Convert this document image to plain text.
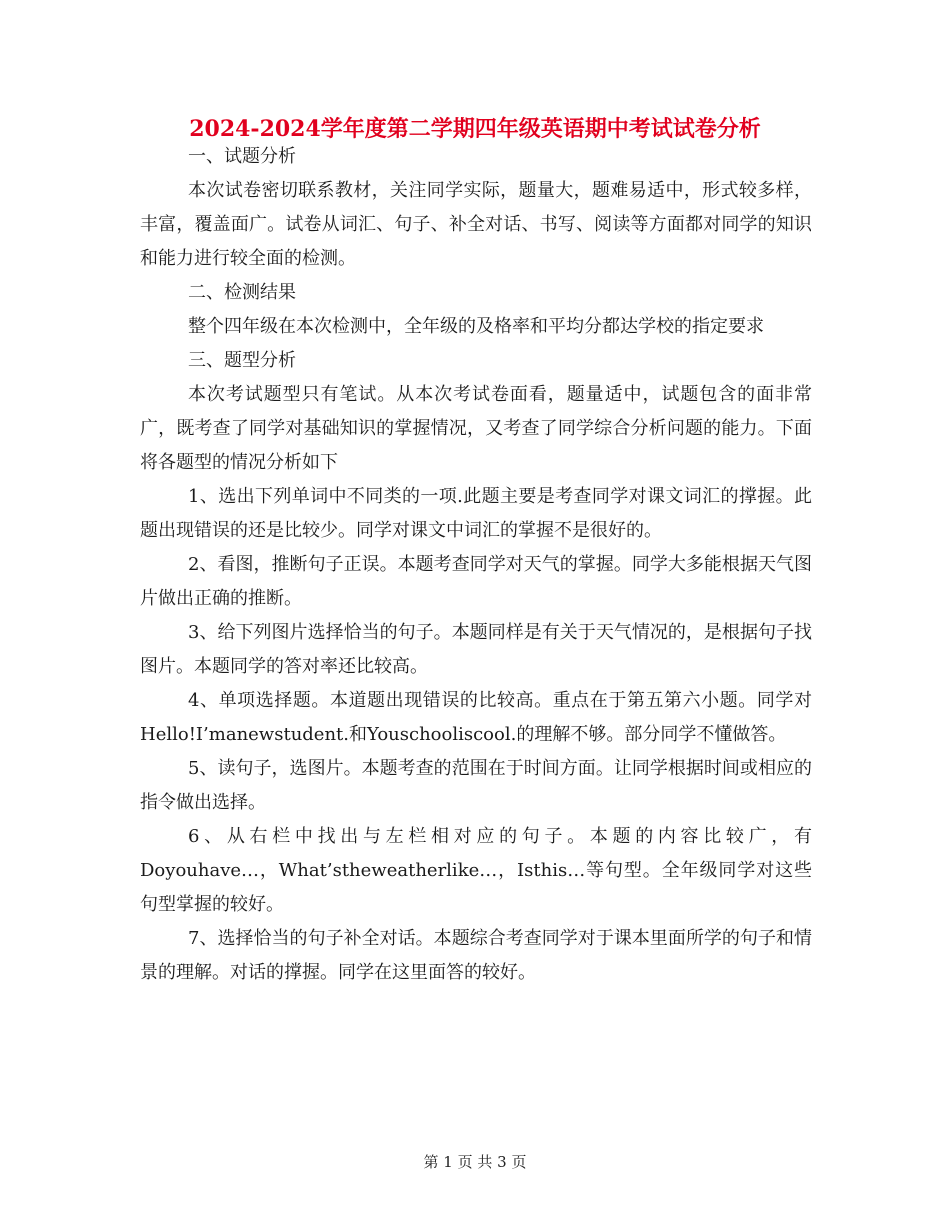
2024-2024学年度第二学期四年级英语期中考试试卷分析

一、试题分析

本次试卷密切联系教材，关注同学实际，题量大，题难易适中，形式较多样，丰富，覆盖面广。试卷从词汇、句子、补全对话、书写、阅读等方面都对同学的知识和能力进行较全面的检测。

二、检测结果

整个四年级在本次检测中，全年级的及格率和平均分都达学校的指定要求

三、题型分析

本次考试题型只有笔试。从本次考试卷面看，题量适中，试题包含的面非常广，既考查了同学对基础知识的掌握情况，又考查了同学综合分析问题的能力。下面将各题型的情况分析如下

1、选出下列单词中不同类的一项.此题主要是考查同学对课文词汇的撑握。此题出现错误的还是比较少。同学对课文中词汇的掌握不是很好的。

2、看图，推断句子正误。本题考查同学对天气的掌握。同学大多能根据天气图片做出正确的推断。

3、给下列图片选择恰当的句子。本题同样是有关于天气情况的，是根据句子找图片。本题同学的答对率还比较高。

4、单项选择题。本道题出现错误的比较高。重点在于第五第六小题。同学对Hello!I’manewstudent.和Youschooliscool.的理解不够。部分同学不懂做答。

5、读句子，选图片。本题考查的范围在于时间方面。让同学根据时间或相应的指令做出选择。

6、从右栏中找出与左栏相对应的句子。本题的内容比较广，有Doyouhave…，What’stheweatherlike…，Isthis…等句型。全年级同学对这些句型掌握的较好。

7、选择恰当的句子补全对话。本题综合考查同学对于课本里面所学的句子和情景的理解。对话的撑握。同学在这里面答的较好。

第 1 页 共 3 页
